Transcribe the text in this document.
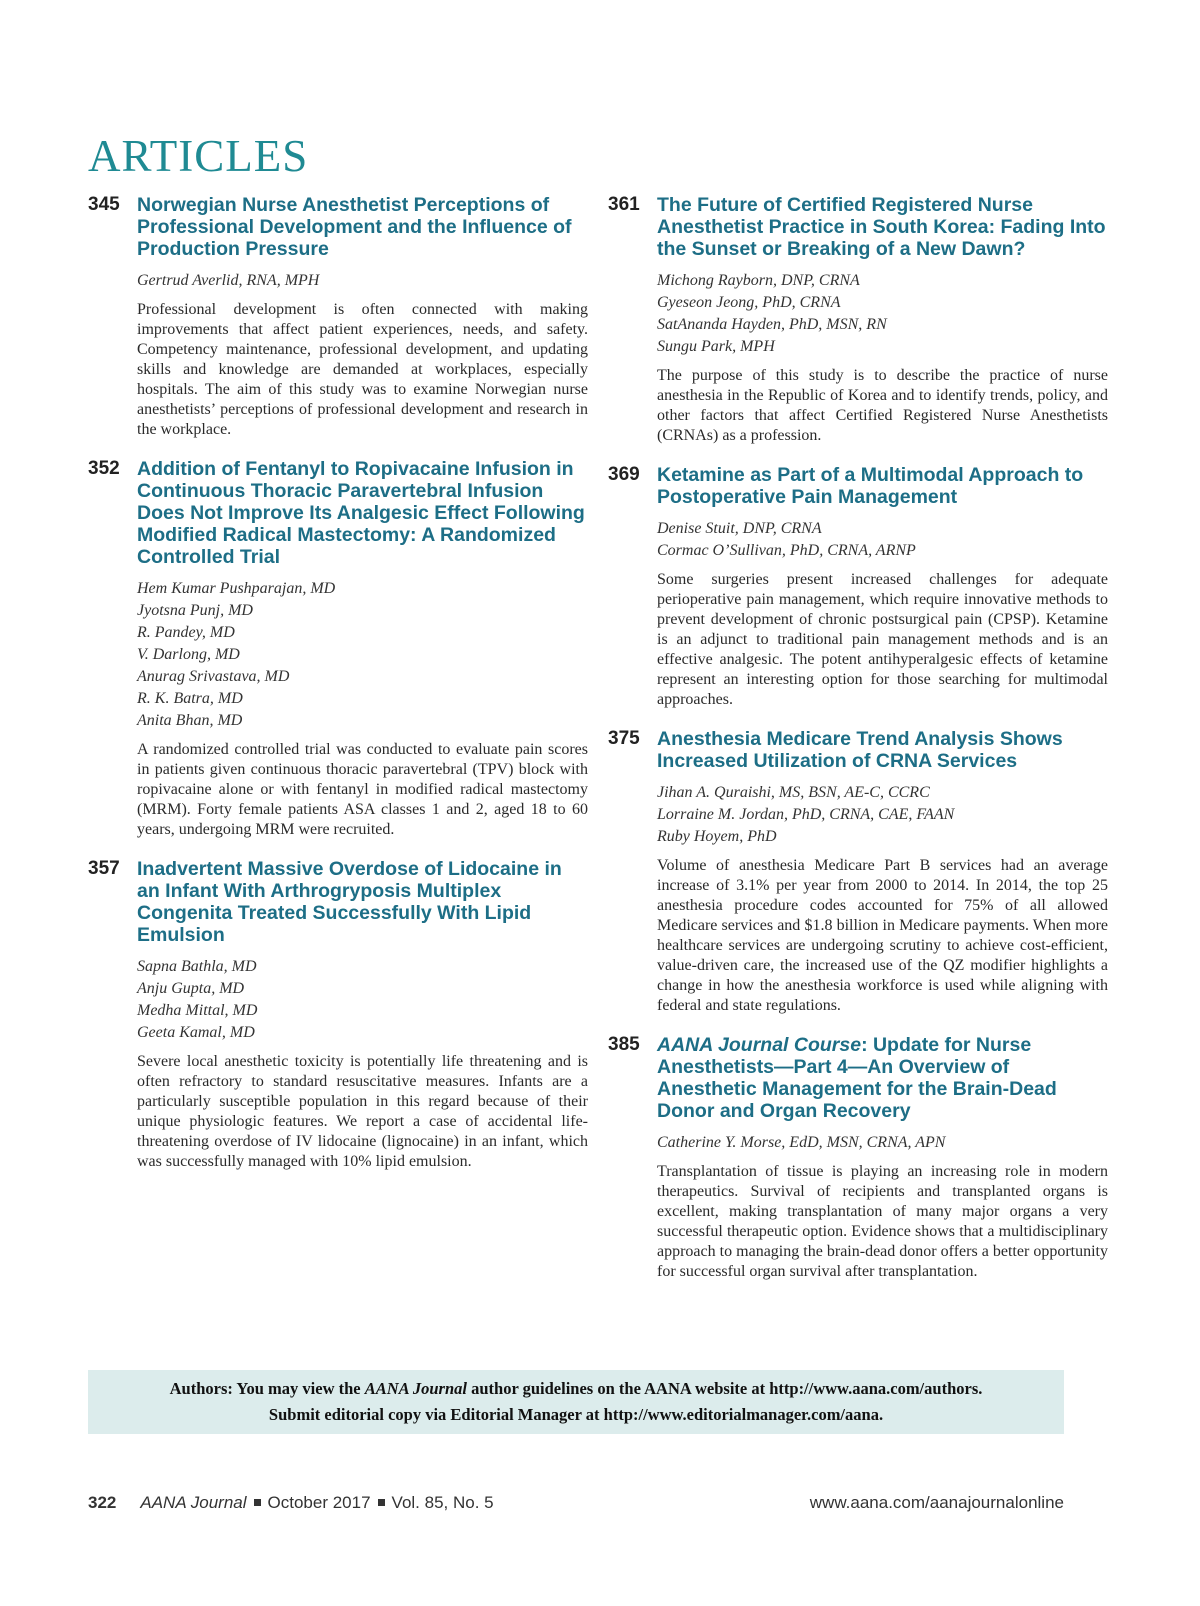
ARTICLES
345 Norwegian Nurse Anesthetist Perceptions of Professional Development and the Influence of Production Pressure
Gertrud Averlid, RNA, MPH
Professional development is often connected with making improvements that affect patient experiences, needs, and safety. Competency maintenance, professional development, and updating skills and knowledge are demanded at workplaces, especially hospitals. The aim of this study was to examine Norwegian nurse anesthetists’ perceptions of professional development and research in the workplace.
352 Addition of Fentanyl to Ropivacaine Infusion in Continuous Thoracic Paravertebral Infusion Does Not Improve Its Analgesic Effect Following Modified Radical Mastectomy: A Randomized Controlled Trial
Hem Kumar Pushparajan, MD
Jyotsna Punj, MD
R. Pandey, MD
V. Darlong, MD
Anurag Srivastava, MD
R. K. Batra, MD
Anita Bhan, MD
A randomized controlled trial was conducted to evaluate pain scores in patients given continuous thoracic paravertebral (TPV) block with ropivacaine alone or with fentanyl in modified radical mastectomy (MRM). Forty female patients ASA classes 1 and 2, aged 18 to 60 years, undergoing MRM were recruited.
357 Inadvertent Massive Overdose of Lidocaine in an Infant With Arthrogryposis Multiplex Congenita Treated Successfully With Lipid Emulsion
Sapna Bathla, MD
Anju Gupta, MD
Medha Mittal, MD
Geeta Kamal, MD
Severe local anesthetic toxicity is potentially life threatening and is often refractory to standard resuscitative measures. Infants are a particularly susceptible population in this regard because of their unique physiologic features. We report a case of accidental life-threatening overdose of IV lidocaine (lignocaine) in an infant, which was successfully managed with 10% lipid emulsion.
361 The Future of Certified Registered Nurse Anesthetist Practice in South Korea: Fading Into the Sunset or Breaking of a New Dawn?
Michong Rayborn, DNP, CRNA
Gyeseon Jeong, PhD, CRNA
SatAnanda Hayden, PhD, MSN, RN
Sungu Park, MPH
The purpose of this study is to describe the practice of nurse anesthesia in the Republic of Korea and to identify trends, policy, and other factors that affect Certified Registered Nurse Anesthetists (CRNAs) as a profession.
369 Ketamine as Part of a Multimodal Approach to Postoperative Pain Management
Denise Stuit, DNP, CRNA
Cormac O’Sullivan, PhD, CRNA, ARNP
Some surgeries present increased challenges for adequate perioperative pain management, which require innovative methods to prevent development of chronic postsurgical pain (CPSP). Ketamine is an adjunct to traditional pain management methods and is an effective analgesic. The potent antihyperalgesic effects of ketamine represent an interesting option for those searching for multimodal approaches.
375 Anesthesia Medicare Trend Analysis Shows Increased Utilization of CRNA Services
Jihan A. Quraishi, MS, BSN, AE-C, CCRC
Lorraine M. Jordan, PhD, CRNA, CAE, FAAN
Ruby Hoyem, PhD
Volume of anesthesia Medicare Part B services had an average increase of 3.1% per year from 2000 to 2014. In 2014, the top 25 anesthesia procedure codes accounted for 75% of all allowed Medicare services and $1.8 billion in Medicare payments. When more healthcare services are undergoing scrutiny to achieve cost-efficient, value-driven care, the increased use of the QZ modifier highlights a change in how the anesthesia workforce is used while aligning with federal and state regulations.
385 AANA Journal Course: Update for Nurse Anesthetists—Part 4—An Overview of Anesthetic Management for the Brain-Dead Donor and Organ Recovery
Catherine Y. Morse, EdD, MSN, CRNA, APN
Transplantation of tissue is playing an increasing role in modern therapeutics. Survival of recipients and transplanted organs is excellent, making transplantation of many major organs a very successful therapeutic option. Evidence shows that a multidisciplinary approach to managing the brain-dead donor offers a better opportunity for successful organ survival after transplantation.
Authors: You may view the AANA Journal author guidelines on the AANA website at http://www.aana.com/authors.
Submit editorial copy via Editorial Manager at http://www.editorialmanager.com/aana.
322 AANA Journal October 2017 Vol. 85, No. 5	www.aana.com/aanajournalonline
